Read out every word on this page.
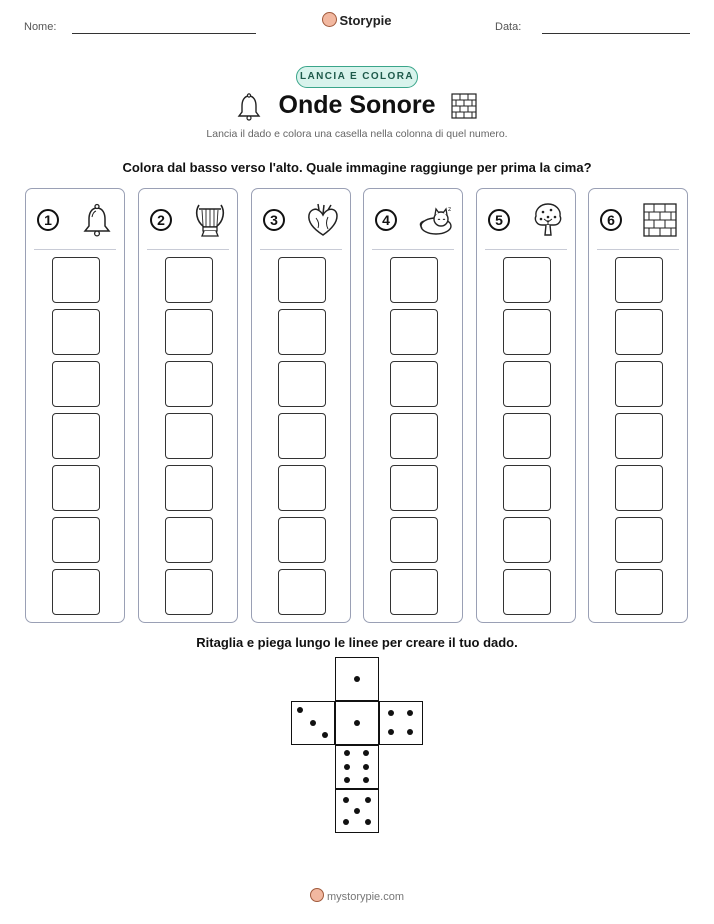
Nome:	Storypie	Data:
LANCIA E COLORA
Onde Sonore
Lancia il dado e colora una casella nella colonna di quel numero.
Colora dal basso verso l'alto. Quale immagine raggiunge per prima la cima?
1	2	3	4
z
5	6
Ritaglia e piega lungo le linee per creare il tuo dado.
mystorypie.com
